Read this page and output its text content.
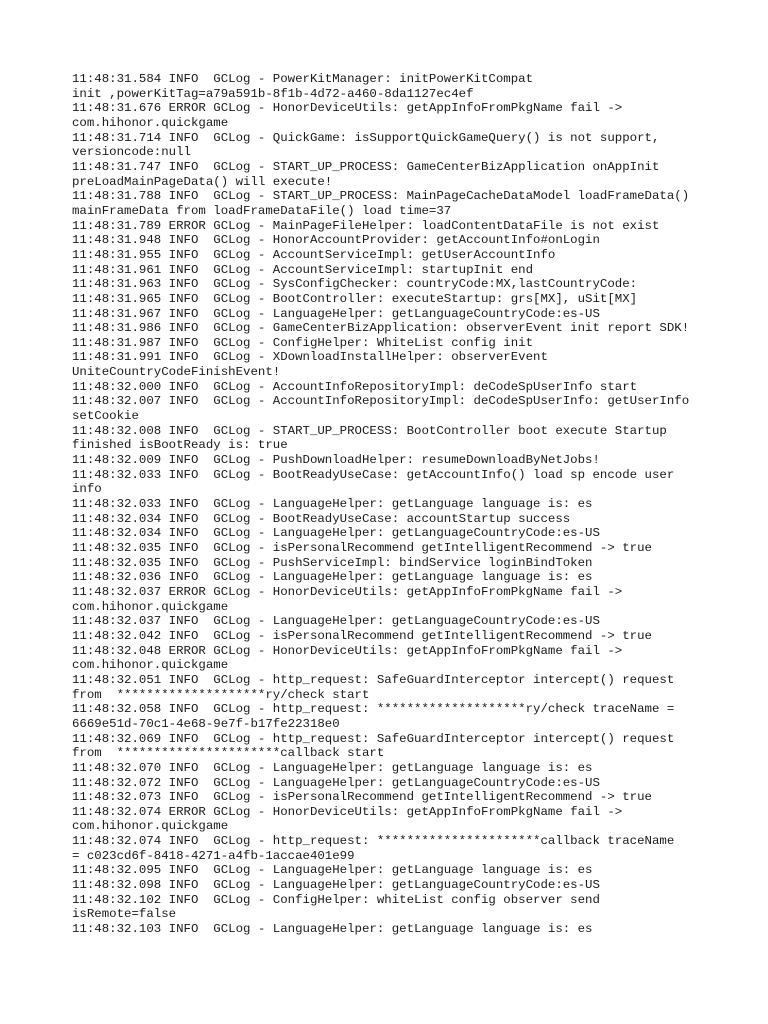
11:48:31.584 INFO  GCLog - PowerKitManager: initPowerKitCompat
init ,powerKitTag=a79a591b-8f1b-4d72-a460-8da1127ec4ef
11:48:31.676 ERROR GCLog - HonorDeviceUtils: getAppInfoFromPkgName fail ->
com.hihonor.quickgame
11:48:31.714 INFO  GCLog - QuickGame: isSupportQuickGameQuery() is not support,
versioncode:null
11:48:31.747 INFO  GCLog - START_UP_PROCESS: GameCenterBizApplication onAppInit
preLoadMainPageData() will execute!
11:48:31.788 INFO  GCLog - START_UP_PROCESS: MainPageCacheDataModel loadFrameData()
mainFrameData from loadFrameDataFile() load time=37
11:48:31.789 ERROR GCLog - MainPageFileHelper: loadContentDataFile is not exist
11:48:31.948 INFO  GCLog - HonorAccountProvider: getAccountInfo#onLogin
11:48:31.955 INFO  GCLog - AccountServiceImpl: getUserAccountInfo
11:48:31.961 INFO  GCLog - AccountServiceImpl: startupInit end
11:48:31.963 INFO  GCLog - SysConfigChecker: countryCode:MX,lastCountryCode:
11:48:31.965 INFO  GCLog - BootController: executeStartup: grs[MX], uSit[MX]
11:48:31.967 INFO  GCLog - LanguageHelper: getLanguageCountryCode:es-US
11:48:31.986 INFO  GCLog - GameCenterBizApplication: observerEvent init report SDK!
11:48:31.987 INFO  GCLog - ConfigHelper: WhiteList config init
11:48:31.991 INFO  GCLog - XDownloadInstallHelper: observerEvent
UniteCountryCodeFinishEvent!
11:48:32.000 INFO  GCLog - AccountInfoRepositoryImpl: deCodeSpUserInfo start
11:48:32.007 INFO  GCLog - AccountInfoRepositoryImpl: deCodeSpUserInfo: getUserInfo
setCookie
11:48:32.008 INFO  GCLog - START_UP_PROCESS: BootController boot execute Startup
finished isBootReady is: true
11:48:32.009 INFO  GCLog - PushDownloadHelper: resumeDownloadByNetJobs!
11:48:32.033 INFO  GCLog - BootReadyUseCase: getAccountInfo() load sp encode user
info
11:48:32.033 INFO  GCLog - LanguageHelper: getLanguage language is: es
11:48:32.034 INFO  GCLog - BootReadyUseCase: accountStartup success
11:48:32.034 INFO  GCLog - LanguageHelper: getLanguageCountryCode:es-US
11:48:32.035 INFO  GCLog - isPersonalRecommend getIntelligentRecommend -> true
11:48:32.035 INFO  GCLog - PushServiceImpl: bindService loginBindToken
11:48:32.036 INFO  GCLog - LanguageHelper: getLanguage language is: es
11:48:32.037 ERROR GCLog - HonorDeviceUtils: getAppInfoFromPkgName fail ->
com.hihonor.quickgame
11:48:32.037 INFO  GCLog - LanguageHelper: getLanguageCountryCode:es-US
11:48:32.042 INFO  GCLog - isPersonalRecommend getIntelligentRecommend -> true
11:48:32.048 ERROR GCLog - HonorDeviceUtils: getAppInfoFromPkgName fail ->
com.hihonor.quickgame
11:48:32.051 INFO  GCLog - http_request: SafeGuardInterceptor intercept() request
from  ********************ry/check start
11:48:32.058 INFO  GCLog - http_request: ********************ry/check traceName =
6669e51d-70c1-4e68-9e7f-b17fe22318e0
11:48:32.069 INFO  GCLog - http_request: SafeGuardInterceptor intercept() request
from  **********************callback start
11:48:32.070 INFO  GCLog - LanguageHelper: getLanguage language is: es
11:48:32.072 INFO  GCLog - LanguageHelper: getLanguageCountryCode:es-US
11:48:32.073 INFO  GCLog - isPersonalRecommend getIntelligentRecommend -> true
11:48:32.074 ERROR GCLog - HonorDeviceUtils: getAppInfoFromPkgName fail ->
com.hihonor.quickgame
11:48:32.074 INFO  GCLog - http_request: **********************callback traceName
= c023cd6f-8418-4271-a4fb-1accae401e99
11:48:32.095 INFO  GCLog - LanguageHelper: getLanguage language is: es
11:48:32.098 INFO  GCLog - LanguageHelper: getLanguageCountryCode:es-US
11:48:32.102 INFO  GCLog - ConfigHelper: whiteList config observer send
isRemote=false
11:48:32.103 INFO  GCLog - LanguageHelper: getLanguage language is: es
